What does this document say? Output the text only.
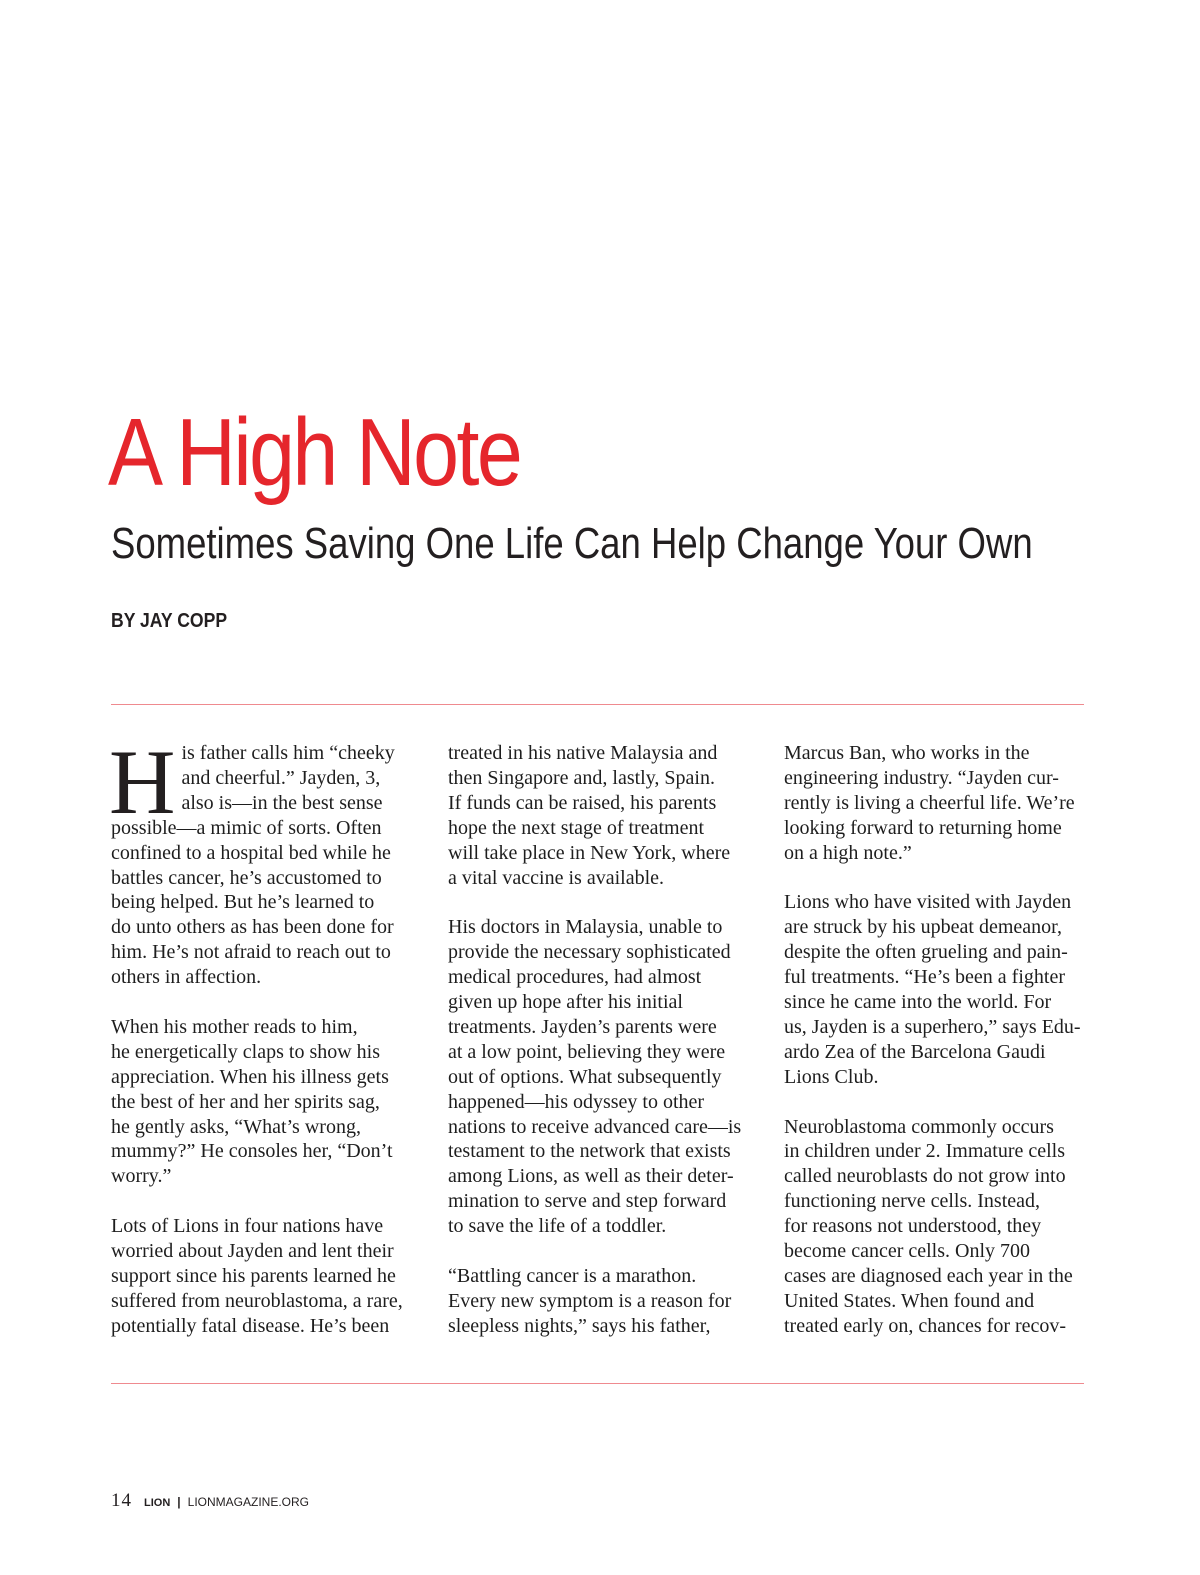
A High Note
Sometimes Saving One Life Can Help Change Your Own
BY JAY COPP

His father calls him “cheeky
and cheerful.” Jayden, 3,
also is—in the best sense
possible—a mimic of sorts. Often
confined to a hospital bed while he
battles cancer, he’s accustomed to
being helped. But he’s learned to
do unto others as has been done for
him. He’s not afraid to reach out to
others in affection.

When his mother reads to him,
he energetically claps to show his
appreciation. When his illness gets
the best of her and her spirits sag,
he gently asks, “What’s wrong,
mummy?” He consoles her, “Don’t
worry.”

Lots of Lions in four nations have
worried about Jayden and lent their
support since his parents learned he
suffered from neuroblastoma, a rare,
potentially fatal disease. He’s been

treated in his native Malaysia and
then Singapore and, lastly, Spain.
If funds can be raised, his parents
hope the next stage of treatment
will take place in New York, where
a vital vaccine is available.

His doctors in Malaysia, unable to
provide the necessary sophisticated
medical procedures, had almost
given up hope after his initial
treatments. Jayden’s parents were
at a low point, believing they were
out of options. What subsequently
happened—his odyssey to other
nations to receive advanced care—is
testament to the network that exists
among Lions, as well as their deter-
mination to serve and step forward
to save the life of a toddler.

“Battling cancer is a marathon.
Every new symptom is a reason for
sleepless nights,” says his father,

Marcus Ban, who works in the
engineering industry. “Jayden cur-
rently is living a cheerful life. We’re
looking forward to returning home
on a high note.”

Lions who have visited with Jayden
are struck by his upbeat demeanor,
despite the often grueling and pain-
ful treatments. “He’s been a fighter
since he came into the world. For
us, Jayden is a superhero,” says Edu-
ardo Zea of the Barcelona Gaudi
Lions Club.

Neuroblastoma commonly occurs
in children under 2. Immature cells
called neuroblasts do not grow into
functioning nerve cells. Instead,
for reasons not understood, they
become cancer cells. Only 700
cases are diagnosed each year in the
United States. When found and
treated early on, chances for recov-

14 LION | LIONMAGAZINE.ORG
